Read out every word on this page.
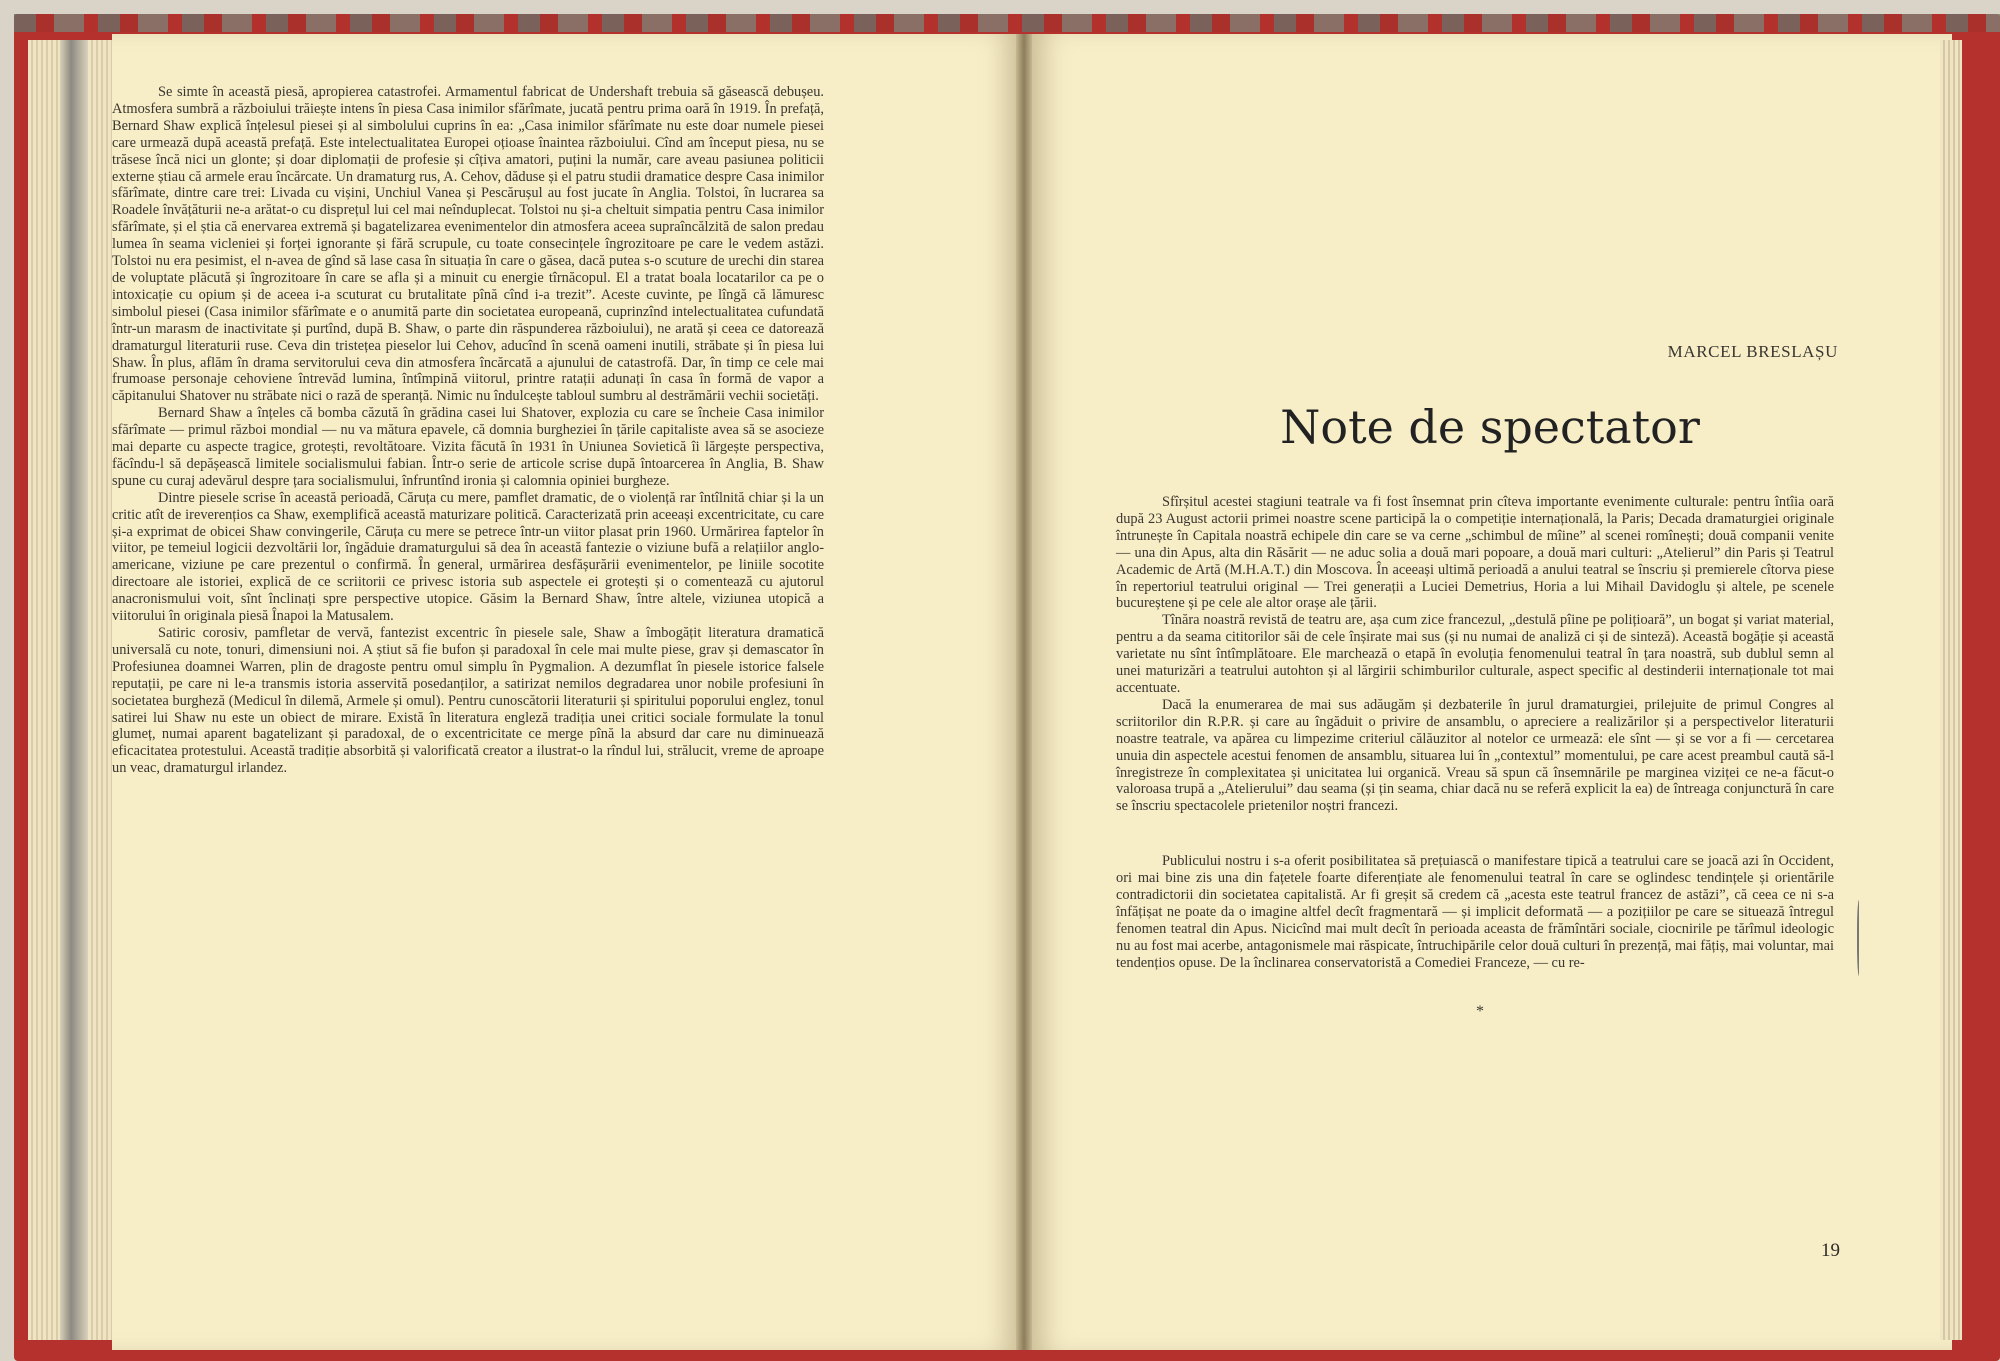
Se simte în această piesă, apropierea catastrofei. Armamentul fabricat de Undershaft trebuia să găsească debușeu. Atmosfera sumbră a războiului trăiește intens în piesa Casa inimilor sfărîmate, jucată pentru prima oară în 1919. În prefață, Bernard Shaw explică înțelesul piesei și al simbolului cuprins în ea: „Casa inimilor sfărîmate nu este doar numele piesei care urmează după această prefață. Este intelectualitatea Europei oțioase înaintea războiului. Cînd am început piesa, nu se trăsese încă nici un glonte; și doar diplomații de profesie și cîțiva amatori, puțini la număr, care aveau pasiunea politicii externe știau că armele erau încărcate. Un dramaturg rus, A. Cehov, dăduse și el patru studii dramatice despre Casa inimilor sfărîmate, dintre care trei: Livada cu vișini, Unchiul Vanea și Pescărușul au fost jucate în Anglia. Tolstoi, în lucrarea sa Roadele învățăturii ne-a arătat-o cu disprețul lui cel mai neînduplecat. Tolstoi nu și-a cheltuit simpatia pentru Casa inimilor sfărîmate, și el știa că enervarea extremă și bagatelizarea evenimentelor din atmosfera aceea supraîncălzită de salon predau lumea în seama vicleniei și forței ignorante și fără scrupule, cu toate consecințele îngrozitoare pe care le vedem astăzi. Tolstoi nu era pesimist, el n-avea de gînd să lase casa în situația în care o găsea, dacă putea s-o scuture de urechi din starea de voluptate plăcută și îngrozitoare în care se afla și a minuit cu energie tîrnăcopul. El a tratat boala locatarilor ca pe o intoxicație cu opium și de aceea i-a scuturat cu brutalitate pînă cînd i-a trezit”. Aceste cuvinte, pe lîngă că lămuresc simbolul piesei (Casa inimilor sfărîmate e o anumită parte din societatea europeană, cuprinzînd intelectualitatea cufundată într-un marasm de inactivitate și purtînd, după B. Shaw, o parte din răspunderea războiului), ne arată și ceea ce datorează dramaturgul literaturii ruse. Ceva din tristețea pieselor lui Cehov, aducînd în scenă oameni inutili, străbate și în piesa lui Shaw. În plus, aflăm în drama servitorului ceva din atmosfera încărcată a ajunului de catastrofă. Dar, în timp ce cele mai frumoase personaje cehoviene întrevăd lumina, întîmpină viitorul, printre ratații adunați în casa în formă de vapor a căpitanului Shatover nu străbate nici o rază de speranță. Nimic nu îndulcește tabloul sumbru al destrămării vechii societăți.

Bernard Shaw a înțeles că bomba căzută în grădina casei lui Shatover, explozia cu care se încheie Casa inimilor sfărîmate — primul război mondial — nu va mătura epavele, că domnia burgheziei în țările capitaliste avea să se asocieze mai departe cu aspecte tragice, grotești, revoltătoare. Vizita făcută în 1931 în Uniunea Sovietică îi lărgește perspectiva, făcîndu-l să depășească limitele socialismului fabian. Într-o serie de articole scrise după întoarcerea în Anglia, B. Shaw spune cu curaj adevărul despre țara socialismului, înfruntînd ironia și calomnia opiniei burgheze.

Dintre piesele scrise în această perioadă, Căruța cu mere, pamflet dramatic, de o violență rar întîlnită chiar și la un critic atît de ireverențios ca Shaw, exemplifică această maturizare politică. Caracterizată prin aceeași excentricitate, cu care și-a exprimat de obicei Shaw convingerile, Căruța cu mere se petrece într-un viitor plasat prin 1960. Urmărirea faptelor în viitor, pe temeiul logicii dezvoltării lor, îngăduie dramaturgului să dea în această fantezie o viziune bufă a relațiilor anglo-americane, viziune pe care prezentul o confirmă. În general, urmărirea desfășurării evenimentelor, pe liniile socotite directoare ale istoriei, explică de ce scriitorii ce privesc istoria sub aspectele ei grotești și o comentează cu ajutorul anacronismului voit, sînt înclinați spre perspective utopice. Găsim la Bernard Shaw, între altele, viziunea utopică a viitorului în originala piesă Înapoi la Matusalem.

Satiric corosiv, pamfletar de vervă, fantezist excentric în piesele sale, Shaw a îmbogățit literatura dramatică universală cu note, tonuri, dimensiuni noi. A știut să fie bufon și paradoxal în cele mai multe piese, grav și demascator în Profesiunea doamnei Warren, plin de dragoste pentru omul simplu în Pygmalion. A dezumflat în piesele istorice falsele reputații, pe care ni le-a transmis istoria asservită posedanților, a satirizat nemilos degradarea unor nobile profesiuni în societatea burgheză (Medicul în dilemă, Armele și omul). Pentru cunoscătorii literaturii și spiritului poporului englez, tonul satirei lui Shaw nu este un obiect de mirare. Există în literatura engleză tradiția unei critici sociale formulate la tonul glumeț, numai aparent bagatelizant și paradoxal, de o excentricitate ce merge pînă la absurd dar care nu diminuează eficacitatea protestului. Această tradiție absorbită și valorificată creator a ilustrat-o la rîndul lui, strălucit, vreme de aproape un veac, dramaturgul irlandez.

MARCEL BRESLAȘU
Note de spectator

Sfîrșitul acestei stagiuni teatrale va fi fost însemnat prin cîteva importante evenimente culturale: pentru întîia oară după 23 August actorii primei noastre scene participă la o competiție internațională, la Paris; Decada dramaturgiei originale întrunește în Capitala noastră echipele din care se va cerne „schimbul de mîine” al scenei romînești; două companii venite — una din Apus, alta din Răsărit — ne aduc solia a două mari popoare, a două mari culturi: „Atelierul” din Paris și Teatrul Academic de Artă (M.H.A.T.) din Moscova. În aceeași ultimă perioadă a anului teatral se înscriu și premierele cîtorva piese în repertoriul teatrului original — Trei generații a Luciei Demetrius, Horia a lui Mihail Davidoglu și altele, pe scenele bucureștene și pe cele ale altor orașe ale țării.

Tînăra noastră revistă de teatru are, așa cum zice francezul, „destulă pîine pe polițioară”, un bogat și variat material, pentru a da seama cititorilor săi de cele înșirate mai sus (și nu numai de analiză ci și de sinteză). Această bogăție și această varietate nu sînt întîmplătoare. Ele marchează o etapă în evoluția fenomenului teatral în țara noastră, sub dublul semn al unei maturizări a teatrului autohton și al lărgirii schimburilor culturale, aspect specific al destinderii internaționale tot mai accentuate.

Dacă la enumerarea de mai sus adăugăm și dezbaterile în jurul dramaturgiei, prilejuite de primul Congres al scriitorilor din R.P.R. și care au îngăduit o privire de ansamblu, o apreciere a realizărilor și a perspectivelor literaturii noastre teatrale, va apărea cu limpezime criteriul călăuzitor al notelor ce urmează: ele sînt — și se vor a fi — cercetarea unuia din aspectele acestui fenomen de ansamblu, situarea lui în „contextul” momentului, pe care acest preambul caută să-l înregistreze în complexitatea și unicitatea lui organică. Vreau să spun că însemnările pe marginea viziței ce ne-a făcut-o valoroasa trupă a „Atelierului” dau seama (și țin seama, chiar dacă nu se referă explicit la ea) de întreaga conjunctură în care se înscriu spectacolele prietenilor noștri francezi.

Publicului nostru i s-a oferit posibilitatea să prețuiască o manifestare tipică a teatrului care se joacă azi în Occident, ori mai bine zis una din fațetele foarte diferențiate ale fenomenului teatral în care se oglindesc tendințele și orientările contradictorii din societatea capitalistă. Ar fi greșit să credem că „acesta este teatrul francez de astăzi”, că ceea ce ni s-a înfățișat ne poate da o imagine altfel decît fragmentară — și implicit deformată — a pozițiilor pe care se situează întregul fenomen teatral din Apus. Nicicînd mai mult decît în perioada aceasta de frămîntări sociale, ciocnirile pe tărîmul ideologic nu au fost mai acerbe, antagonismele mai răspicate, întruchipările celor două culturi în prezență, mai fățiș, mai voluntar, mai tendențios opuse. De la înclinarea conservatoristă a Comediei Franceze, — cu re-

*
19
